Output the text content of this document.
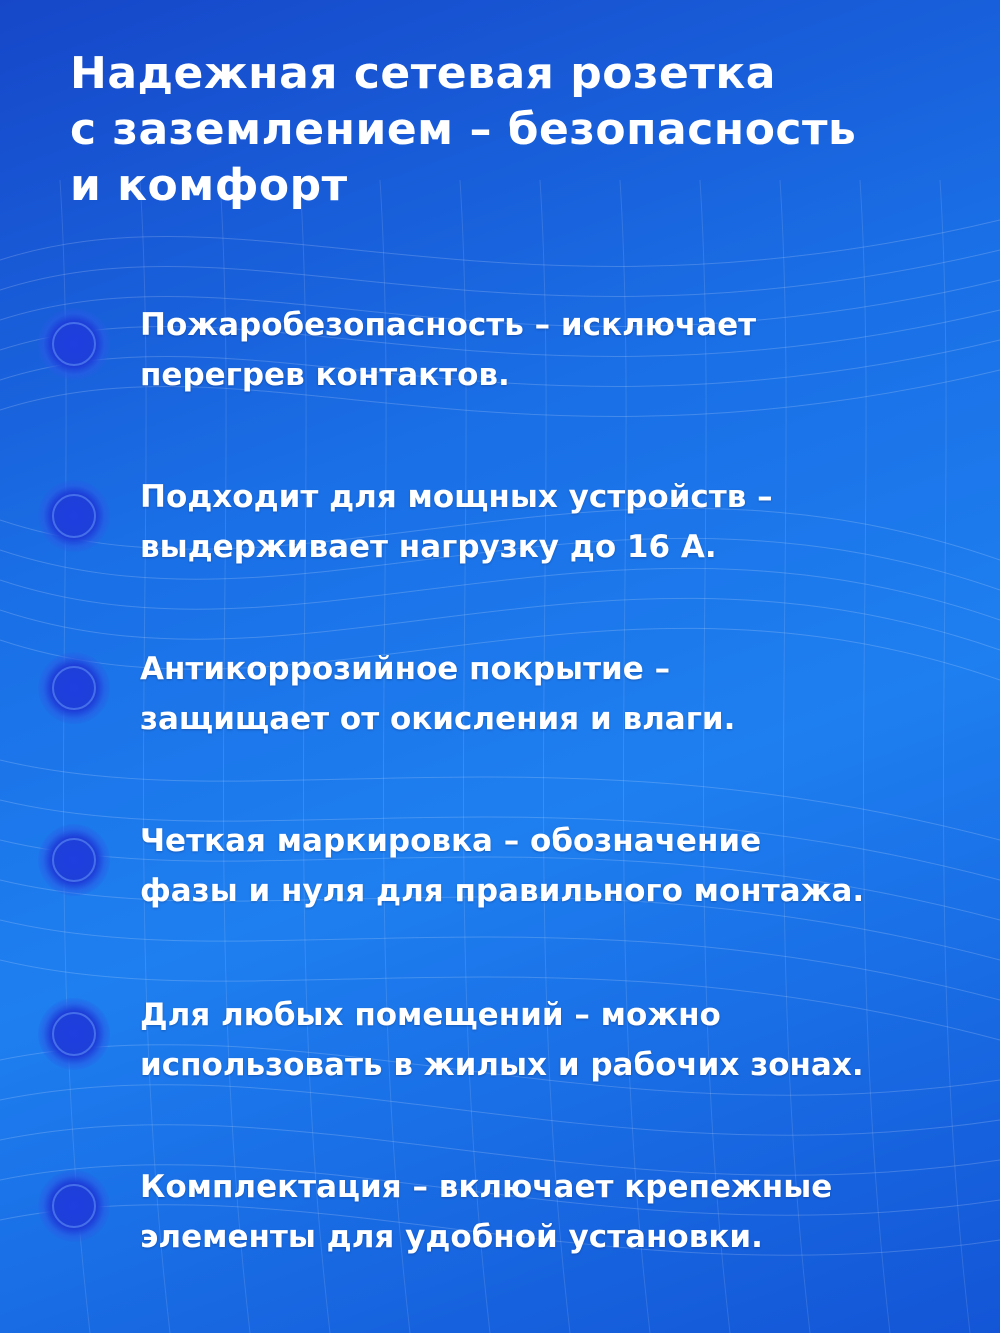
Надежная сетевая розетка
с заземлением – безопасность
и комфорт
Пожаробезопасность – исключает
перегрев контактов.
Подходит для мощных устройств –
выдерживает нагрузку до 16 А.
Антикоррозийное покрытие –
защищает от окисления и влаги.
Четкая маркировка – обозначение
фазы и нуля для правильного монтажа.
Для любых помещений – можно
использовать в жилых и рабочих зонах.
Комплектация – включает крепежные
элементы для удобной установки.
